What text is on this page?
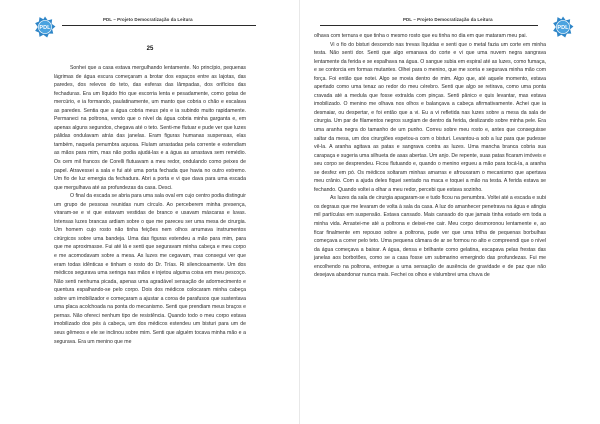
PDL
PDL – Projeto Democratização da Leitura
25

Sonhei que a casa estava mergulhando lentamente. No princípio, pequenas lágrimas de água escura começaram a brotar dos espaços entre as lajotas, das paredes, dos relevos do teto, das esferas das lâmpadas, dos orifícios das fechaduras. Era um líquido frio que escorria lenta e pesadamente, como gotas de mercúrio, e ia formando, paulatinamente, um manto que cobria o chão e escalava as paredes. Sentia que a água cobria meus pés e ia subindo muito rapidamente. Permaneci na poltrona, vendo que o nível da água cobria minha garganta e, em apenas alguns segundos, chegava até o teto. Senti-me flutuar e pude ver que luzes pálidas ondulavam atrás das janelas. Eram figuras humanas suspensas, elas também, naquela penumbra aquosa. Fluíam arrastadas pela corrente e estendiam as mãos para mim, mas não podia ajudá-las e a água as arrastava sem remédio. Os cem mil francos de Corelli flutuavam a meu redor, ondulando como peixes de papel. Atravessei a sala e fui até uma porta fechada que havia no outro extremo. Um fio de luz emergia da fechadura. Abri a porta e vi que dava para uma escada que mergulhava até as profundezas da casa. Desci.

O final da escada se abria para uma sala oval em cujo centro podia distinguir um grupo de pessoas reunidas num círculo. Ao perceberem minha presença, viraram-se e vi que estavam vestidas de branco e usavam máscaras e luvas. Intensas luzes brancas ardiam sobre o que me pareceu ser uma mesa de cirurgia. Um homem cujo rosto não tinha feições nem olhos arrumava instrumentos cirúrgicos sobre uma bandeja. Uma das figuras estendeu a mão para mim, para que me aproximasse. Fui até lá e senti que seguravam minha cabeça e meu corpo e me acomodavam sobre a mesa. As luzes me cegavam, mas consegui ver que eram todas idênticas e tinham o rosto do Dr. Trías. Ri silenciosamente. Um dos médicos segurava uma seringa nas mãos e injetou alguma coisa em meu pescoço. Não senti nenhuma picada, apenas uma agradável sensação de adormecimento e quentura espalhando-se pelo corpo. Dois dos médicos colocaram minha cabeça sobre um imobilizador e começaram a ajustar a coroa de parafusos que sustentava uma placa acolchoada na ponta do mecanismo. Senti que prendiam meus braços e pernas. Não ofereci nenhum tipo de resistência. Quando todo o meu corpo estava imobilizado dos pés à cabeça, um dos médicos estendeu um bisturi para um de seus gêmeos e ele se inclinou sobre mim. Senti que alguém tocava minha mão e a segurava. Era um menino que me

PDL – Projeto Democratização da Leitura
PDL

olhava com ternura e que tinha o mesmo rosto que eu tinha no dia em que mataram meu pai.

Vi o fio do bisturi descendo nas trevas líquidas e senti que o metal fazia um corte em minha testa. Não senti dor. Senti que algo emanava do corte e vi que uma nuvem negra sangrava lentamente da ferida e se espalhava na água. O sangue subia em espiral até as luzes, como fumaça, e se contorcia em formas mutantes. Olhei para o menino, que me sorria e segurava minha mão com força. Foi então que notei. Algo se movia dentro de mim. Algo que, até aquele momento, estava apertado como uma tenaz ao redor do meu cérebro. Senti que algo se retirava, como uma ponta cravada até a medula que fosse extraída com pinças. Senti pânico e quis levantar, mas estava imobilizado. O menino me olhava nos olhos e balançava a cabeça afirmativamente. Achei que ia desmaiar, ou despertar, e foi então que a vi. Eu a vi refletida nas luzes sobre a mesa da sala de cirurgia. Um par de filamentos negros surgiam de dentro da ferida, deslizando sobre minha pele. Era uma aranha negra do tamanho de um punho. Correu sobre meu rosto e, antes que conseguisse saltar da mesa, um dos cirurgiões espetou-a com o bisturi. Levantou-a sob a luz para que pudesse vê-la. A aranha agitava as patas e sangrava contra as luzes. Uma mancha branca cobria sua carapaça e sugeria uma silhueta de asas abertas. Um anjo. De repente, suas patas ficaram imóveis e seu corpo se desprendeu. Ficou flutuando e, quando o menino ergueu a mão para tocá-la, a aranha se desfez em pó. Os médicos soltaram minhas amarras e afrouxaram o mecanismo que apertava meu crânio. Com a ajuda deles fiquei sentado na maca e toquei a mão na testa. A ferida estava se fechando. Quando voltei a olhar a meu redor, percebi que estava sozinho.

As luzes da sala de cirurgia apagaram-se e tudo ficou na penumbra. Voltei até a escada e subi os degraus que me levaram de volta à sala da casa. A luz do amanhecer penetrava na água e atingia mil partículas em suspensão. Estava cansado. Mais cansado do que jamais tinha estado em toda a minha vida. Arrastei-me até a poltrona e deixei-me cair. Meu corpo desmoronou lentamente e, ao ficar finalmente em repouso sobre a poltrona, pude ver que uma trilha de pequenas borbulhas começava a correr pelo teto. Uma pequena câmara de ar se formou no alto e compreendi que o nível da água começava a baixar. A água, densa e brilhante como gelatina, escapava pelas frestas das janelas aos borbotões, como se a casa fosse um submarino emergindo das profundezas. Fui me encolhendo na poltrona, entregue a uma sensação de ausência de gravidade e de paz que não desejava abandonar nunca mais. Fechei os olhos e vislumbrei uma chuva de
